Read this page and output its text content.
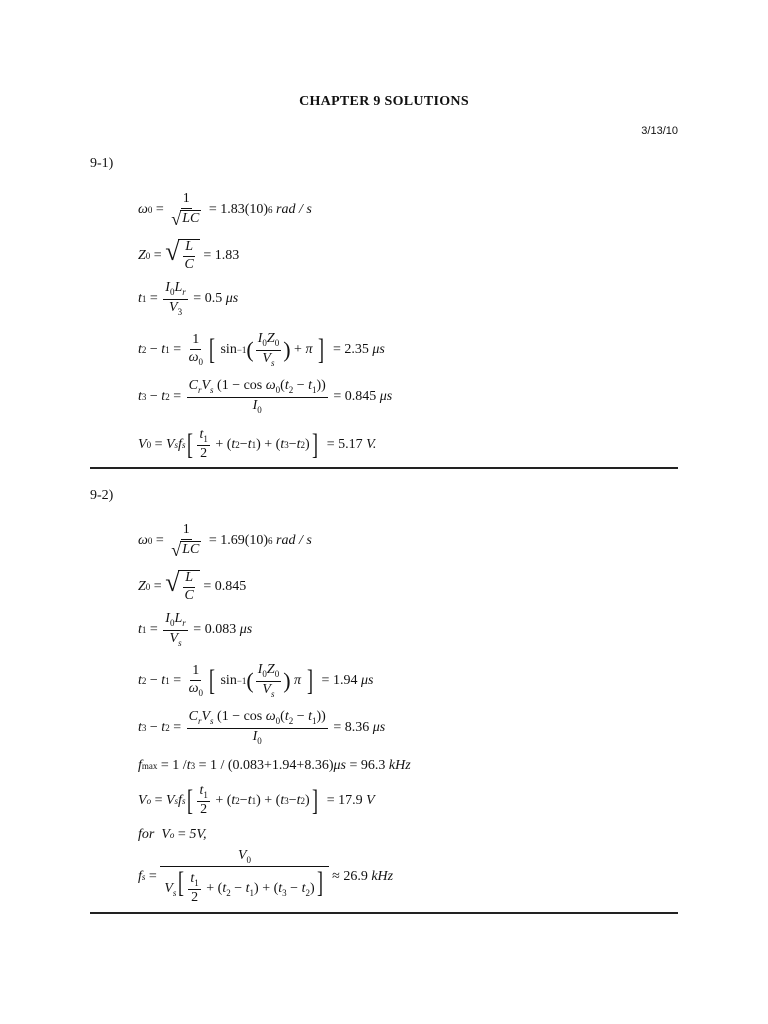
CHAPTER 9 SOLUTIONS
3/13/10
9-1)
ω $0 = \frac{1}{√ LC} = 1.83(10)$ 6
rad / s
Z 0 = √ $\frac{L}{C} = 1.83$
t $1 = \frac{I_0L_r}{V_3} = 0.5$
μs
t 2 − t $1 = \frac{1}{\omega_0}$ [ sin −1 ( $\frac{I_0Z_0}{V_s}$ ) + π
] = 2.35
μs
t 3 − t $2 = \frac{C_rV_s (1 - \cos \omega_0(t_2 - t_1))}{I_0} = 0.845$
μs
V 0 = V s f s [ $\frac{t_1}{2}$ + ( t 2 − t 1 ) + ( t 3 − t 2 ) ] = 5.17
V.
9-2)
ω $0 = \frac{1}{√ LC} = 1.69(10)$ 6
rad / s
Z 0 = √ $\frac{L}{C} = 0.845$
t $1 = \frac{I_0L_r}{V_s} = 0.083$
μs
t 2 − t $1 = \frac{1}{\omega_0}$ [ sin −1 ( $\frac{I_0Z_0}{V_s}$ )
π
] = 1.94
μs
t 3 − t $2 = \frac{C_rV_s (1 - \cos \omega_0(t_2 - t_1))}{I_0} = 8.36$
μs
f max = 1 / t 3
= 1 / (0.083+1.94+8.36) μs = 96.3
kHz
V o = V s f s [ $\frac{t_1}{2}$ + ( t 2 − t 1 ) + ( t 3 − t 2 ) ] = 17.9
V
for
V o = 5V,
f $s = \frac{V_0}{V_s[ \frac{t_1}{2} + (t_2 - t_1) + (t_3 - t_2)]} \approx 26.9$
kHz
